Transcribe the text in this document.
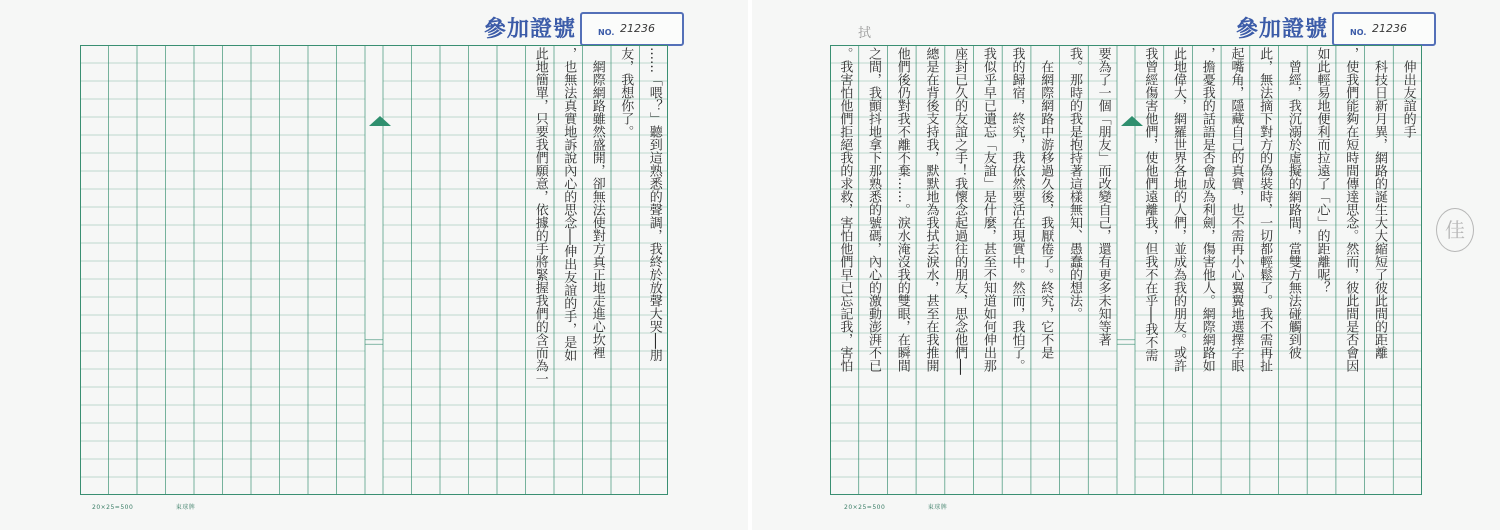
參加證號	NO. 21236
……「喂？」聽到這熟悉的聲調，我終於放聲大哭──朋
友，我想你了。
　網際網路雖然盛開，卻無法使對方真正地走進心坎裡
，也無法真實地訴說內心的思念──伸出友誼的手，是如
此地簡單，只要我們願意，依據的手將緊握我們的含而為一
20×25=500	東球牌
拭	參加證號	NO. 21236
　伸出友誼的手
　科技日新月異，網路的誕生大大縮短了彼此間的距離
，使我們能夠在短時間傳達思念。然而，彼此間是否會因
如此輕易地便利而拉遠了「心」的距離呢？
　曾經，我沉溺於虛擬的網路間，當雙方無法碰觸到彼
此，無法摘下對方的偽裝時，一切都輕鬆了。我不需再扯
起嘴角，隱藏自己的真實，也不需再小心翼翼地選擇字眼
，擔憂我的話語是否會成為利劍，傷害他人。網際網路如
此地偉大，網羅世界各地的人們，並成為我的朋友。或許
我曾經傷害他們，使他們遠離我，但我不在乎──我不需
要為了一個「朋友」而改變自己，還有更多未知等著
我。那時的我是抱持著這樣無知、愚蠢的想法。
　在網際網路中游移過久後，我厭倦了。終究，它不是
我的歸宿，終究，我依然要活在現實中。然而，我怕了。
我似乎早已遺忘「友誼」是什麼，甚至不知道如何伸出那
座封已久的友誼之手！我懷念起過往的朋友，思念他們──
總是在背後支持我，默默地為我拭去淚水，甚至在我推開
他們後仍對我不離不棄……。淚水淹沒我的雙眼，在瞬間
之間，我顫抖地拿下那熟悉的號碼，內心的激動澎湃不已
。我害怕他們拒絕我的求救，害怕他們早已忘記我，害怕	佳
20×25=500	東球牌
